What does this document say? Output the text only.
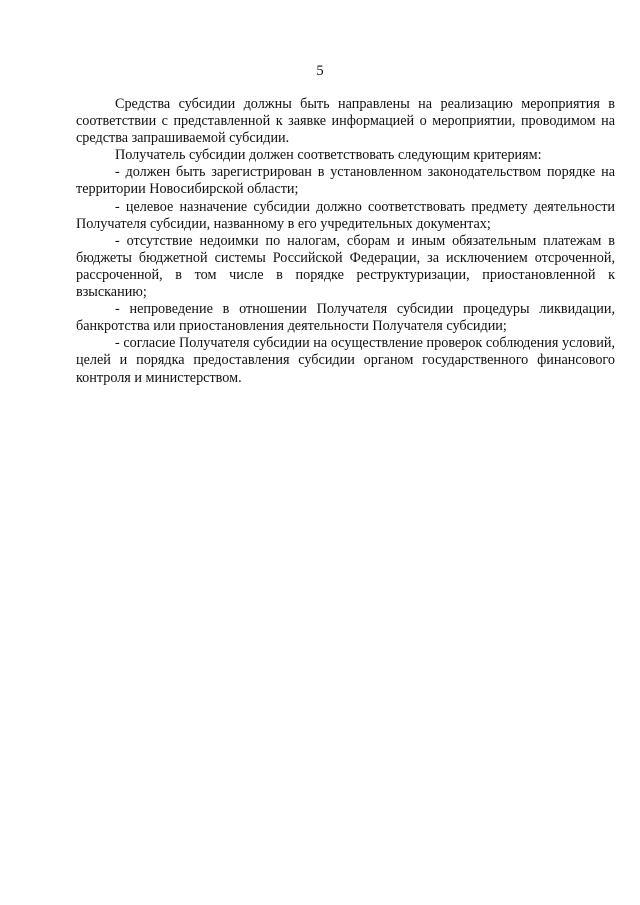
5

Средства субсидии должны быть направлены на реализацию мероприятия в соответствии с представленной к заявке информацией о мероприятии, проводимом на средства запрашиваемой субсидии.

Получатель субсидии должен соответствовать следующим критериям:

- должен быть зарегистрирован в установленном законодательством порядке на территории Новосибирской области;

- целевое назначение субсидии должно соответствовать предмету деятельности Получателя субсидии, названному в его учредительных документах;

- отсутствие недоимки по налогам, сборам и иным обязательным платежам в бюджеты бюджетной системы Российской Федерации, за исключением отсроченной, рассроченной, в том числе в порядке реструктуризации, приостановленной к взысканию;

- непроведение в отношении Получателя субсидии процедуры ликвидации, банкротства или приостановления деятельности Получателя субсидии;

- согласие Получателя субсидии на осуществление проверок соблюдения условий, целей и порядка предоставления субсидии органом государственного финансового контроля и министерством.
